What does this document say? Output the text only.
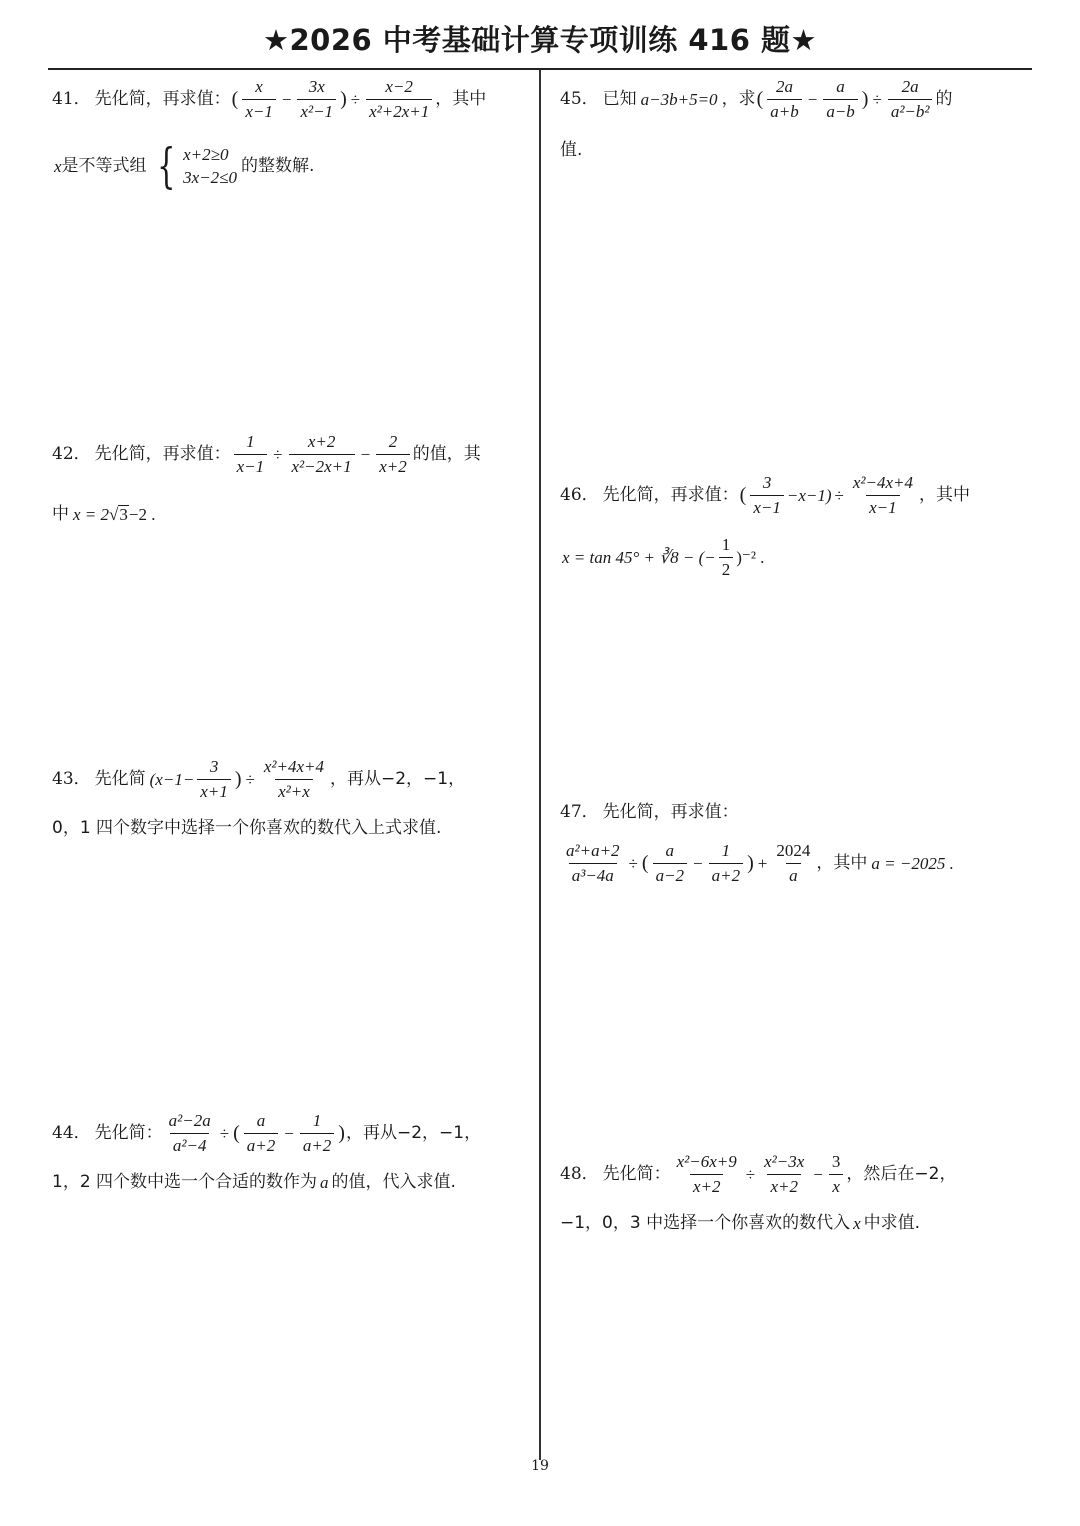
★2026 中考基础计算专项训练 416 题★
41． 先化简，再求值： ( $\frac{x}{x-1} - \frac{3x}{\text{x²−1}}$ ) ÷ $\frac{x-2}{\text{x²+2x+1}}$ ，其中
x 是不等式组 { x+2≥0
3x−2≤0
的整数解.
42． 先化简，再求值： $\frac{1}{x-1} \div \frac{x+2}{\text{x²−2x+1}} - \frac{2}{x+2}$ 的值，其
中 x = 2 √ 3 −2 .
43． 先化简 ($x-1- \frac{3}{x+1}$ ) ÷ $\frac{\text{x²+4x+4}}{\text{x²+x}}$ ，再从−2，−1，
0，1 四个数字中选择一个你喜欢的数代入上式求值.
44． 先化简： $\frac{\text{a²−2a}}{\text{a²−4}}$ ÷ ( $\frac{a}{a+2} - \frac{1}{a+2}$ ) ，再从−2，−1，
1，2 四个数中选一个合适的数作为 a 的值，代入求值.
45． 已知 a−3b+5=0 ，求 ( $\frac{2a}{a+b} - \frac{a}{a-b}$ ) ÷ $\frac{2a}{\text{a²−b²}}$ 的
值.
46． 先化简，再求值： ( $\frac{3}{x-1} -x-1) \div \frac{\text{x²−4x+4}}{x-1}$ ，其中
x = tan 45° + ∛8 − (− $\frac{1}{2} )^{-2}$ .
47． 先化简，再求值：
$\frac{\text{a²+a+2}}{\text{a³−4a}}$ ÷ ( $\frac{a}{a-2} - \frac{1}{a+2}$ ) + $\frac{2024}{a}$ ，其中 a = −2025 .
48． 先化简： $\frac{\text{x²−6x+9}}{x+2} \div \frac{\text{x²−3x}}{x+2} - \frac{3}{x}$ ，然后在−2，
−1，0，3 中选择一个你喜欢的数代入 x 中求值.
19
